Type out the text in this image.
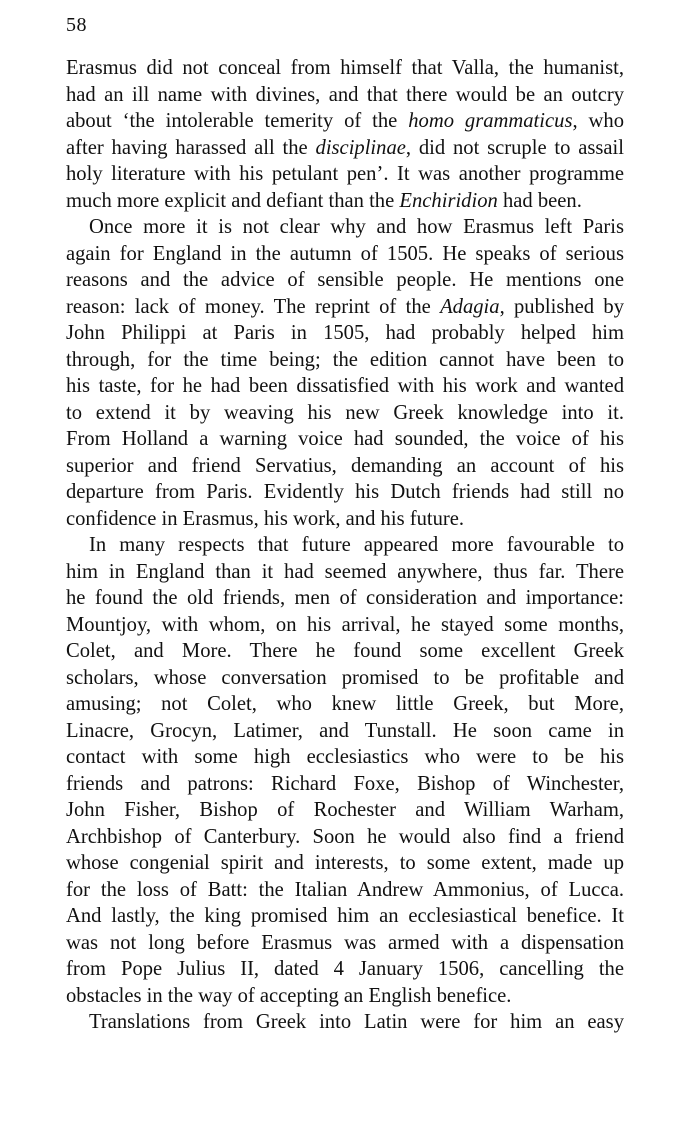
58
Erasmus did not conceal from himself that Valla, the humanist,
had an ill name with divines, and that there would be an outcry
about ‘the intolerable temerity of the homo grammaticus, who
after having harassed all the disciplinae, did not scruple to assail
holy literature with his petulant pen’. It was another programme
much more explicit and defiant than the Enchiridion had been.
Once more it is not clear why and how Erasmus left Paris
again for England in the autumn of 1505. He speaks of serious
reasons and the advice of sensible people. He mentions one
reason: lack of money. The reprint of the Adagia, published by
John Philippi at Paris in 1505, had probably helped him
through, for the time being; the edition cannot have been to
his taste, for he had been dissatisfied with his work and wanted
to extend it by weaving his new Greek knowledge into it.
From Holland a warning voice had sounded, the voice of his
superior and friend Servatius, demanding an account of his
departure from Paris. Evidently his Dutch friends had still no
confidence in Erasmus, his work, and his future.
In many respects that future appeared more favourable to
him in England than it had seemed anywhere, thus far. There
he found the old friends, men of consideration and importance:
Mountjoy, with whom, on his arrival, he stayed some months,
Colet, and More. There he found some excellent Greek
scholars, whose conversation promised to be profitable and
amusing; not Colet, who knew little Greek, but More,
Linacre, Grocyn, Latimer, and Tunstall. He soon came in
contact with some high ecclesiastics who were to be his
friends and patrons: Richard Foxe, Bishop of Winchester,
John Fisher, Bishop of Rochester and William Warham,
Archbishop of Canterbury. Soon he would also find a friend
whose congenial spirit and interests, to some extent, made up
for the loss of Batt: the Italian Andrew Ammonius, of Lucca.
And lastly, the king promised him an ecclesiastical benefice. It
was not long before Erasmus was armed with a dispensation
from Pope Julius II, dated 4 January 1506, cancelling the
obstacles in the way of accepting an English benefice.
Translations from Greek into Latin were for him an easy
